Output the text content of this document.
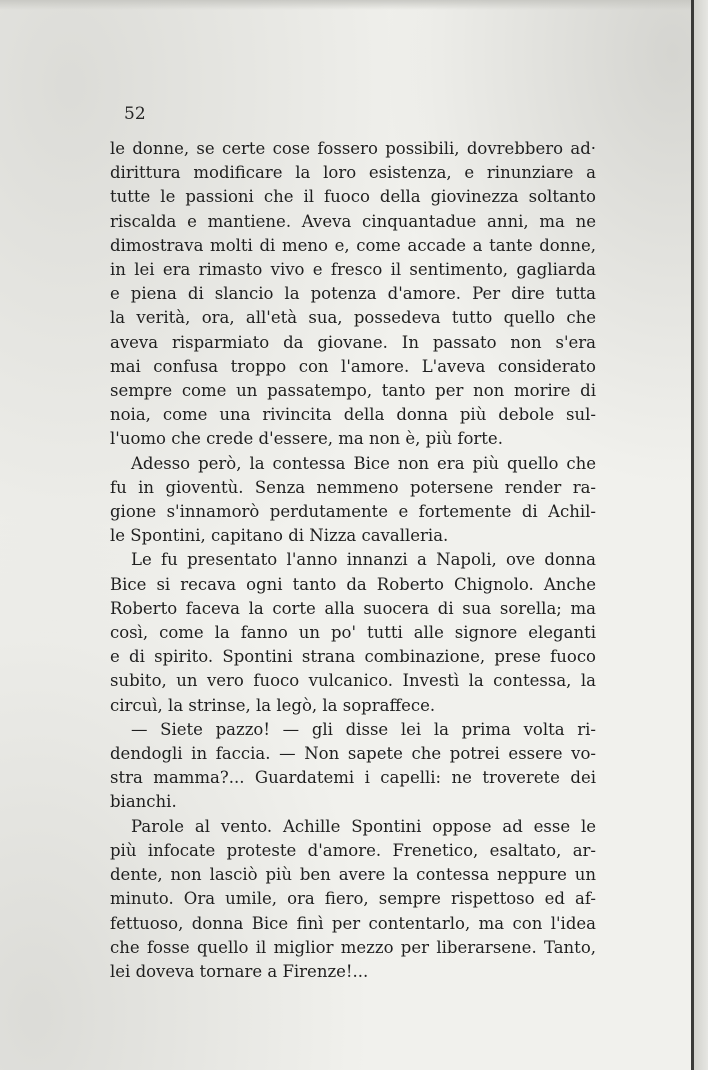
52

le donne, se certe cose fossero possibili, dovrebbero ad·
dirittura modificare la loro esistenza, e rinunziare a
tutte le passioni che il fuoco della giovinezza soltanto
riscalda e mantiene. Aveva cinquantadue anni, ma ne
dimostrava molti di meno e, come accade a tante donne,
in lei era rimasto vivo e fresco il sentimento, gagliarda
e piena di slancio la potenza d'amore. Per dire tutta
la verità, ora, all'età sua, possedeva tutto quello che
aveva risparmiato da giovane. In passato non s'era
mai confusa troppo con l'amore. L'aveva considerato
sempre come un passatempo, tanto per non morire di
noia, come una rivincita della donna più debole sul-
l'uomo che crede d'essere, ma non è, più forte.
Adesso però, la contessa Bice non era più quello che
fu in gioventù. Senza nemmeno potersene render ra-
gione s'innamorò perdutamente e fortemente di Achil-
le Spontini, capitano di Nizza cavalleria.
Le fu presentato l'anno innanzi a Napoli, ove donna
Bice si recava ogni tanto da Roberto Chignolo. Anche
Roberto faceva la corte alla suocera di sua sorella; ma
così, come la fanno un po' tutti alle signore eleganti
e di spirito. Spontini strana combinazione, prese fuoco
subito, un vero fuoco vulcanico. Investì la contessa, la
circuì, la strinse, la legò, la sopraffece.
— Siete pazzo! — gli disse lei la prima volta ri-
dendogli in faccia. — Non sapete che potrei essere vo-
stra mamma?... Guardatemi i capelli: ne troverete dei
bianchi.
Parole al vento. Achille Spontini oppose ad esse le
più infocate proteste d'amore. Frenetico, esaltato, ar-
dente, non lasciò più ben avere la contessa neppure un
minuto. Ora umile, ora fiero, sempre rispettoso ed af-
fettuoso, donna Bice finì per contentarlo, ma con l'idea
che fosse quello il miglior mezzo per liberarsene. Tanto,
lei doveva tornare a Firenze!...
